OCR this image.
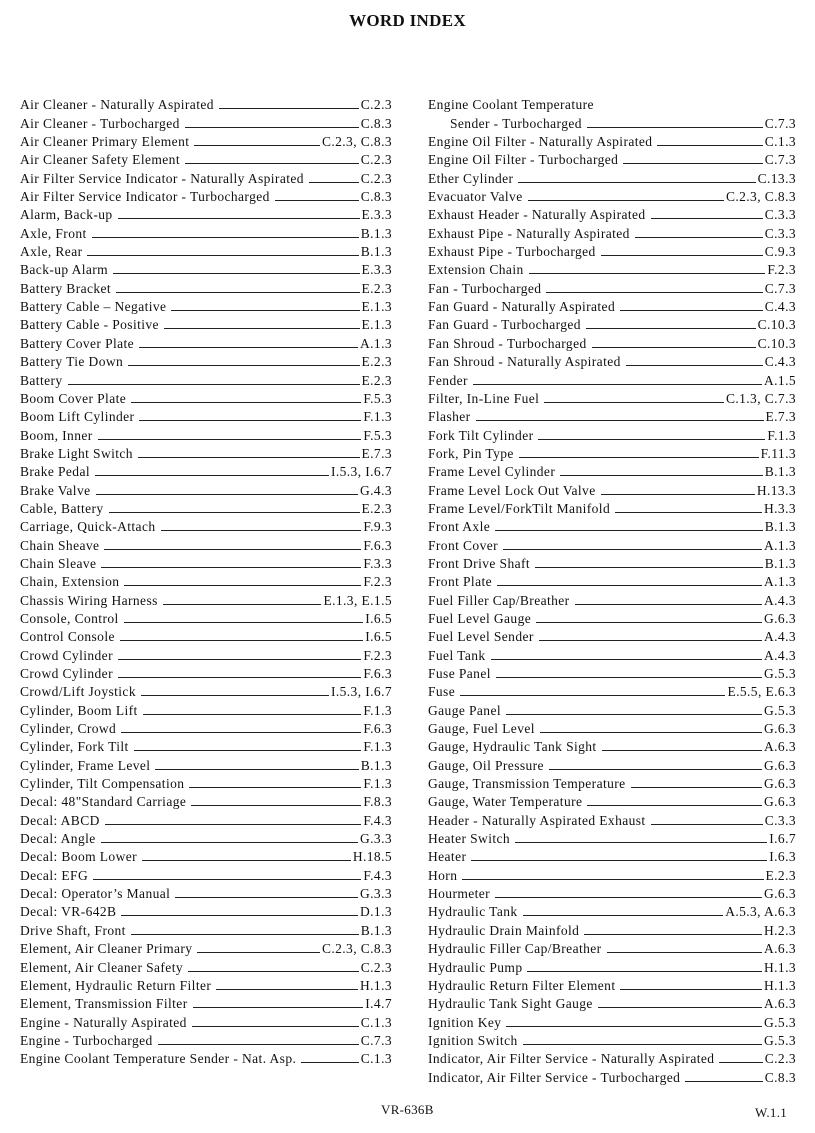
WORD INDEX
Air Cleaner - Naturally Aspirated	C.2.3
Air Cleaner - Turbocharged	C.8.3
Air Cleaner Primary Element	C.2.3, C.8.3
Air Cleaner Safety Element	C.2.3
Air Filter Service Indicator - Naturally Aspirated	C.2.3
Air Filter Service Indicator - Turbocharged	C.8.3
Alarm, Back-up	E.3.3
Axle, Front	B.1.3
Axle, Rear	B.1.3
Back-up Alarm	E.3.3
Battery Bracket	E.2.3
Battery Cable – Negative	E.1.3
Battery Cable - Positive	E.1.3
Battery Cover Plate	A.1.3
Battery Tie Down	E.2.3
Battery	E.2.3
Boom Cover Plate	F.5.3
Boom Lift Cylinder	F.1.3
Boom, Inner	F.5.3
Brake Light Switch	E.7.3
Brake Pedal	I.5.3, I.6.7
Brake Valve	G.4.3
Cable, Battery	E.2.3
Carriage, Quick-Attach	F.9.3
Chain Sheave	F.6.3
Chain Sleave	F.3.3
Chain, Extension	F.2.3
Chassis Wiring Harness	E.1.3, E.1.5
Console, Control	I.6.5
Control Console	I.6.5
Crowd Cylinder	F.2.3
Crowd Cylinder	F.6.3
Crowd/Lift Joystick	I.5.3, I.6.7
Cylinder, Boom Lift	F.1.3
Cylinder, Crowd	F.6.3
Cylinder, Fork Tilt	F.1.3
Cylinder, Frame Level	B.1.3
Cylinder, Tilt Compensation	F.1.3
Decal: 48"Standard Carriage	F.8.3
Decal: ABCD	F.4.3
Decal: Angle	G.3.3
Decal: Boom Lower	H.18.5
Decal: EFG	F.4.3
Decal: Operator’s Manual	G.3.3
Decal: VR-642B	D.1.3
Drive Shaft, Front	B.1.3
Element, Air Cleaner Primary	C.2.3, C.8.3
Element, Air Cleaner Safety	C.2.3
Element, Hydraulic Return Filter	H.1.3
Element, Transmission Filter	I.4.7
Engine - Naturally Aspirated	C.1.3
Engine - Turbocharged	C.7.3
Engine Coolant Temperature Sender - Nat. Asp.	C.1.3
Engine Coolant Temperature
Sender - Turbocharged	C.7.3
Engine Oil Filter - Naturally Aspirated	C.1.3
Engine Oil Filter - Turbocharged	C.7.3
Ether Cylinder	C.13.3
Evacuator Valve	C.2.3, C.8.3
Exhaust Header - Naturally Aspirated	C.3.3
Exhaust Pipe - Naturally Aspirated	C.3.3
Exhaust Pipe - Turbocharged	C.9.3
Extension Chain	F.2.3
Fan - Turbocharged	C.7.3
Fan Guard - Naturally Aspirated	C.4.3
Fan Guard - Turbocharged	C.10.3
Fan Shroud - Turbocharged	C.10.3
Fan Shroud - Naturally Aspirated	C.4.3
Fender	A.1.5
Filter, In-Line Fuel	C.1.3, C.7.3
Flasher	E.7.3
Fork Tilt Cylinder	F.1.3
Fork, Pin Type	F.11.3
Frame Level Cylinder	B.1.3
Frame Level Lock Out Valve	H.13.3
Frame Level/ForkTilt Manifold	H.3.3
Front Axle	B.1.3
Front Cover	A.1.3
Front Drive Shaft	B.1.3
Front Plate	A.1.3
Fuel Filler Cap/Breather	A.4.3
Fuel Level Gauge	G.6.3
Fuel Level Sender	A.4.3
Fuel Tank	A.4.3
Fuse Panel	G.5.3
Fuse	E.5.5, E.6.3
Gauge Panel	G.5.3
Gauge, Fuel Level	G.6.3
Gauge, Hydraulic Tank Sight	A.6.3
Gauge, Oil Pressure	G.6.3
Gauge, Transmission Temperature	G.6.3
Gauge, Water Temperature	G.6.3
Header - Naturally Aspirated Exhaust	C.3.3
Heater Switch	I.6.7
Heater	I.6.3
Horn	E.2.3
Hourmeter	G.6.3
Hydraulic Tank	A.5.3, A.6.3
Hydraulic Drain Mainfold	H.2.3
Hydraulic Filler Cap/Breather	A.6.3
Hydraulic Pump	H.1.3
Hydraulic Return Filter Element	H.1.3
Hydraulic Tank Sight Gauge	A.6.3
Ignition Key	G.5.3
Ignition Switch	G.5.3
Indicator, Air Filter Service - Naturally Aspirated	C.2.3
Indicator, Air Filter Service - Turbocharged	C.8.3
VR-636B	W.1.1
